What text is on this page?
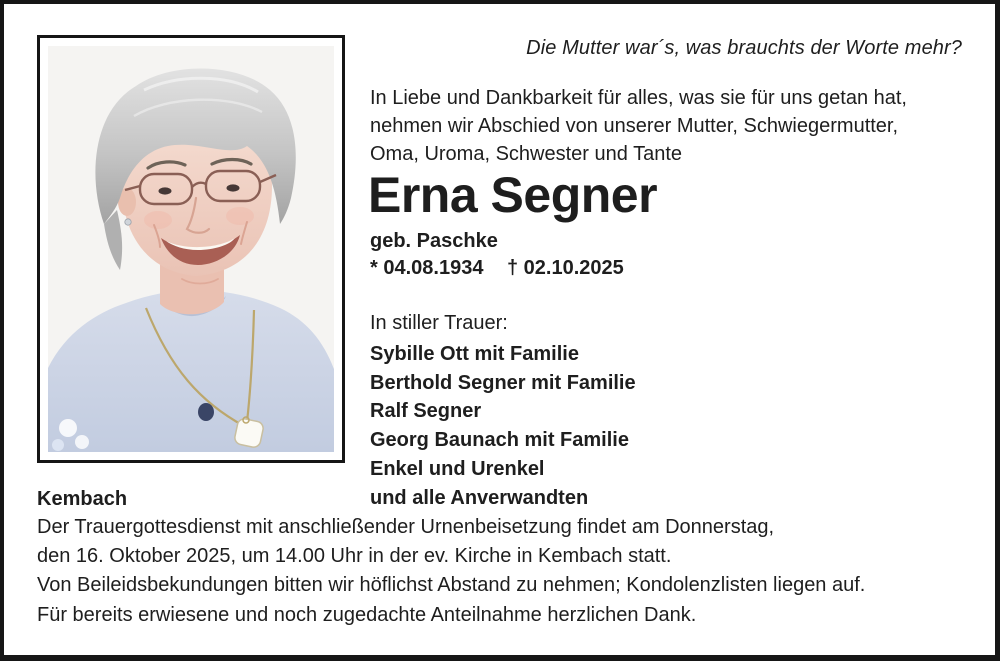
Die Mutter war´s, was brauchts der Worte mehr?
In Liebe und Dankbarkeit für alles, was sie für uns getan hat,
nehmen wir Abschied von unserer Mutter, Schwiegermutter,
Oma, Uroma, Schwester und Tante
Erna Segner
geb. Paschke
* 04.08.1934 † 02.10.2025
In stiller Trauer:
Sybille Ott mit Familie
Berthold Segner mit Familie
Ralf Segner
Georg Baunach mit Familie
Enkel und Urenkel
und alle Anverwandten
Kembach
Der Trauergottesdienst mit anschließender Urnenbeisetzung findet am Donnerstag,
den 16. Oktober 2025, um 14.00 Uhr in der ev. Kirche in Kembach statt.
Von Beileidsbekundungen bitten wir höflichst Abstand zu nehmen; Kondolenzlisten liegen auf.
Für bereits erwiesene und noch zugedachte Anteilnahme herzlichen Dank.
